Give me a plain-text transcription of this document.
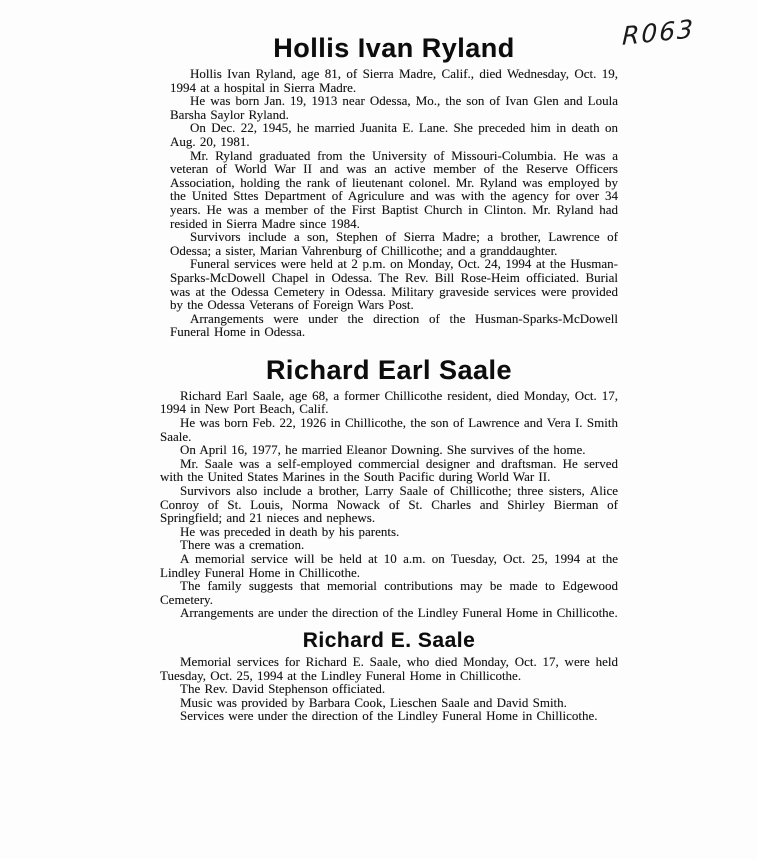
R063
Hollis Ivan Ryland

Hollis Ivan Ryland, age 81, of Sierra Madre, Calif., died Wednesday, Oct. 19, 1994 at a hospital in Sierra Madre.

He was born Jan. 19, 1913 near Odessa, Mo., the son of Ivan Glen and Loula Barsha Saylor Ryland.

On Dec. 22, 1945, he married Juanita E. Lane. She preceded him in death on Aug. 20, 1981.

Mr. Ryland graduated from the University of Missouri-Columbia. He was a veteran of World War II and was an active member of the Reserve Officers Association, holding the rank of lieutenant colonel. Mr. Ryland was employed by the United Sttes Department of Agriculure and was with the agency for over 34 years. He was a member of the First Baptist Church in Clinton. Mr. Ryland had resided in Sierra Madre since 1984.

Survivors include a son, Stephen of Sierra Madre; a brother, Lawrence of Odessa; a sister, Marian Vahrenburg of Chillicothe; and a granddaughter.

Funeral services were held at 2 p.m. on Monday, Oct. 24, 1994 at the Husman-Sparks-McDowell Chapel in Odessa. The Rev. Bill Rose-Heim officiated. Burial was at the Odessa Cemetery in Odessa. Military graveside services were provided by the Odessa Veterans of Foreign Wars Post.

Arrangements were under the direction of the Husman-Sparks-McDowell Funeral Home in Odessa.

Richard Earl Saale

Richard Earl Saale, age 68, a former Chillicothe resident, died Monday, Oct. 17, 1994 in New Port Beach, Calif.

He was born Feb. 22, 1926 in Chillicothe, the son of Lawrence and Vera I. Smith Saale.

On April 16, 1977, he married Eleanor Downing. She survives of the home.

Mr. Saale was a self-employed commercial designer and draftsman. He served with the United States Marines in the South Pacific during World War II.

Survivors also include a brother, Larry Saale of Chillicothe; three sisters, Alice Conroy of St. Louis, Norma Nowack of St. Charles and Shirley Bierman of Springfield; and 21 nieces and nephews.

He was preceded in death by his parents.

There was a cremation.

A memorial service will be held at 10 a.m. on Tuesday, Oct. 25, 1994 at the Lindley Funeral Home in Chillicothe.

The family suggests that memorial contributions may be made to Edgewood Cemetery.

Arrangements are under the direction of the Lindley Funeral Home in Chillicothe.

Richard E. Saale

Memorial services for Richard E. Saale, who died Monday, Oct. 17, were held Tuesday, Oct. 25, 1994 at the Lindley Funeral Home in Chillicothe.

The Rev. David Stephenson officiated.

Music was provided by Barbara Cook, Lieschen Saale and David Smith.

Services were under the direction of the Lindley Funeral Home in Chillicothe.
